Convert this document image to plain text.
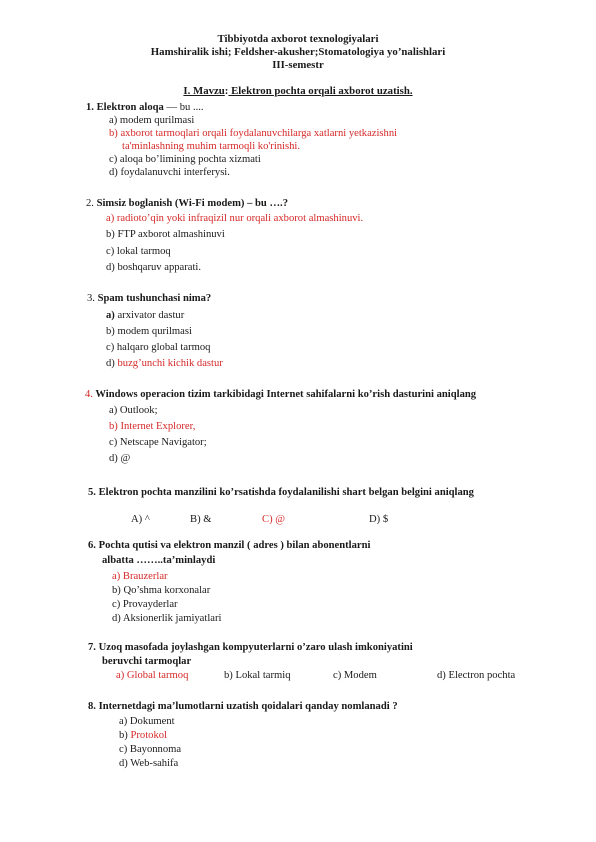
Tibbiyotda axborot texnologiyalari
Hamshiralik ishi; Feldsher-akusher;Stomatologiya yo’nalishlari
III-semestr
I. Mavzu: Elektron pochta orqali axborot uzatish.
1. Elektron aloqa — bu ....
a) modem qurilmasi
b) axborot tarmoqlari orqali foydalanuvchilarga xatlarni yetkazishni
ta'minlashning muhim tarmoqli ko'rinishi.
c) aloqa bo’limining pochta xizmati
d) foydalanuvchi interferysi.
2. Simsiz boglanish (Wi-Fi modem) – bu ….?
a) radioto’qin yoki infraqizil nur orqali axborot almashinuvi.
b) FTP axborot almashinuvi
c) lokal tarmoq
d) boshqaruv apparati.
3. Spam tushunchasi nima?
a) arxivator dastur
b) modem qurilmasi
c) halqaro global tarmoq
d) buzg’unchi kichik dastur
4. Windows operacion tizim tarkibidagi Internet sahifalarni ko’rish dasturini aniqlang
a) Outlook;
b) Internet Explorer,
c) Netscape Navigator;
d) @
5. Elektron pochta manzilini ko’rsatishda foydalanilishi shart belgan belgini aniqlang
A) ^	B) &	C) @	D) $
6. Pochta qutisi va elektron manzil ( adres ) bilan abonentlarni
albatta ……..ta’minlaydi
a) Brauzerlar
b) Qo’shma korxonalar
c) Provayderlar
d) Aksionerlik jamiyatlari
7. Uzoq masofada joylashgan kompyuterlarni o’zaro ulash imkoniyatini
beruvchi tarmoqlar
a) Global tarmoq	b) Lokal tarmiq	c) Modem	d) Electron pochta
8. Internetdagi ma’lumotlarni uzatish qoidalari qanday nomlanadi ?
a) Dokument
b) Protokol
c) Bayonnoma
d) Web-sahifa
